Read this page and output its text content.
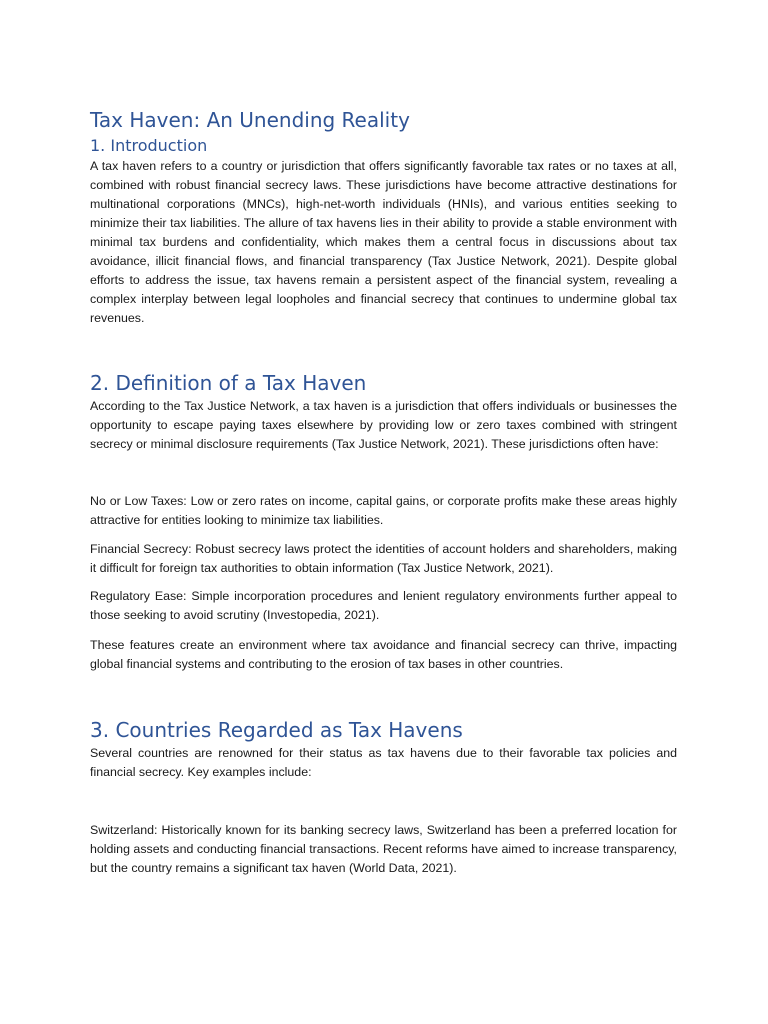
Tax Haven: An Unending Reality
1. Introduction

A tax haven refers to a country or jurisdiction that offers significantly favorable tax rates or no taxes at all, combined with robust financial secrecy laws. These jurisdictions have become attractive destinations for multinational corporations (MNCs), high-net-worth individuals (HNIs), and various entities seeking to minimize their tax liabilities. The allure of tax havens lies in their ability to provide a stable environment with minimal tax burdens and confidentiality, which makes them a central focus in discussions about tax avoidance, illicit financial flows, and financial transparency (Tax Justice Network, 2021). Despite global efforts to address the issue, tax havens remain a persistent aspect of the financial system, revealing a complex interplay between legal loopholes and financial secrecy that continues to undermine global tax revenues.

2. Definition of a Tax Haven

According to the Tax Justice Network, a tax haven is a jurisdiction that offers individuals or businesses the opportunity to escape paying taxes elsewhere by providing low or zero taxes combined with stringent secrecy or minimal disclosure requirements (Tax Justice Network, 2021). These jurisdictions often have:

No or Low Taxes: Low or zero rates on income, capital gains, or corporate profits make these areas highly attractive for entities looking to minimize tax liabilities.

Financial Secrecy: Robust secrecy laws protect the identities of account holders and shareholders, making it difficult for foreign tax authorities to obtain information (Tax Justice Network, 2021).

Regulatory Ease: Simple incorporation procedures and lenient regulatory environments further appeal to those seeking to avoid scrutiny (Investopedia, 2021).

These features create an environment where tax avoidance and financial secrecy can thrive, impacting global financial systems and contributing to the erosion of tax bases in other countries.

3. Countries Regarded as Tax Havens

Several countries are renowned for their status as tax havens due to their favorable tax policies and financial secrecy. Key examples include:

Switzerland: Historically known for its banking secrecy laws, Switzerland has been a preferred location for holding assets and conducting financial transactions. Recent reforms have aimed to increase transparency, but the country remains a significant tax haven (World Data, 2021).
